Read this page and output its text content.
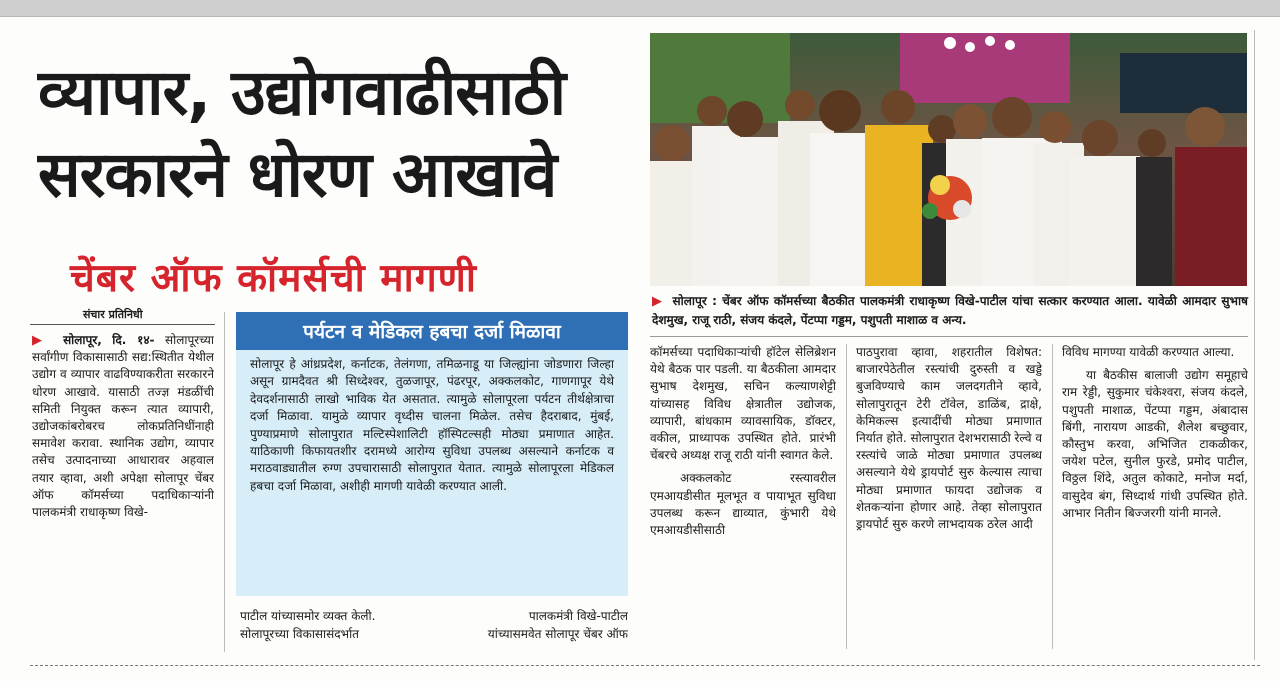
व्यापार, उद्योगवाढीसाठी
सरकारने धोरण आखावे
चेंबर ऑफ कॉमर्सची मागणी
संचार प्रतिनिधी

▶ सोलापूर, दि. १४- सोलापूरच्या सर्वांगीण विकासासाठी सद्य:स्थितीत येथील उद्योग व व्यापार वाढविण्याकरीता सरकारने धोरण आखावे. यासाठी तज्ज्ञ मंडळींची समिती नियुक्त करून त्यात व्यापारी, उद्योजकांबरोबरच लोकप्रतिनिधींनाही समावेश करावा. स्थानिक उद्योग, व्यापार तसेच उत्पादनाच्या आधारावर अहवाल तयार व्हावा, अशी अपेक्षा सोलापूर चेंबर ऑफ कॉमर्सच्या पदाधिकाऱ्यांनी पालकमंत्री राधाकृष्ण विखे-

पर्यटन व मेडिकल हबचा दर्जा मिळावा
सोलापूर हे आंध्रप्रदेश, कर्नाटक, तेलंगणा, तमिळनाडू या जिल्ह्यांना जोडणारा जिल्हा असून ग्रामदैवत श्री सिध्देश्वर, तुळजापूर, पंढरपूर, अक्कलकोट, गाणगापूर येथे देवदर्शनासाठी लाखो भाविक येत असतात. त्यामुळे सोलापूरला पर्यटन तीर्थक्षेत्राचा दर्जा मिळावा. यामुळे व्यापार वृध्दीस चालना मिळेल. तसेच हैदराबाद, मुंबई, पुण्याप्रमाणे सोलापुरात मल्टिस्पेशालिटी हॉस्पिटल्सही मोठ्या प्रमाणात आहेत. याठिकाणी किफायतशीर दरामध्ये आरोग्य सुविधा उपलब्ध असल्याने कर्नाटक व मराठवाड्यातील रुग्ण उपचारासाठी सोलापुरात येतात. त्यामुळे सोलापूरला मेडिकल हबचा दर्जा मिळावा, अशीही मागणी यावेळी करण्यात आली.
पाटील यांच्यासमोर व्यक्त केली.	पालकमंत्री विखे-पाटील
सोलापूरच्या विकासासंदर्भात	यांच्यासमवेत सोलापूर चेंबर ऑफ
▶ सोलापूर : चेंबर ऑफ कॉमर्सच्या बैठकीत पालकमंत्री राधाकृष्ण विखे-पाटील यांचा सत्कार करण्यात आला. यावेळी आमदार सुभाष देशमुख, राजू राठी, संजय कंदले, पेंटप्पा गड्डम, पशुपती माशाळ व अन्य.

कॉमर्सच्या पदाधिकाऱ्यांची हॉटेल सेलिब्रेशन येथे बैठक पार पडली. या बैठकीला आमदार सुभाष देशमुख, सचिन कल्याणशेट्टी यांच्यासह विविध क्षेत्रातील उद्योजक, व्यापारी, बांधकाम व्यावसायिक, डॉक्टर, वकील, प्राध्यापक उपस्थित होते. प्रारंभी चेंबरचे अध्यक्ष राजू राठी यांनी स्वागत केले.

अक्कलकोट रस्त्यावरील एमआयडीसीत मूलभूत व पायाभूत सुविधा उपलब्ध करून द्याव्यात, कुंभारी येथे एमआयडीसीसाठी

पाठपुरावा व्हावा, शहरातील विशेषत: बाजारपेठेतील रस्त्यांची दुरुस्ती व खड्डे बुजविण्याचे काम जलदगतीने व्हावे, सोलापुरातून टेरी टॉवेल, डाळिंब, द्राक्षे, केमिकल्स इत्यादींची मोठ्या प्रमाणात निर्यात होते. सोलापुरात देशभरासाठी रेल्वे व रस्त्यांचे जाळे मोठ्या प्रमाणात उपलब्ध असल्याने येथे ड्रायपोर्ट सुरु केल्यास त्याचा मोठ्या प्रमाणात फायदा उद्योजक व शेतकऱ्यांना होणार आहे. तेव्हा सोलापुरात ड्रायपोर्ट सुरु करणे लाभदायक ठरेल आदी

विविध मागण्या यावेळी करण्यात आल्या.

या बैठकीस बालाजी उद्योग समूहाचे राम रेड्डी, सुकुमार चंकेश्वरा, संजय कंदले, पशुपती माशाळ, पेंटप्पा गड्डम, अंबादास बिंगी, नारायण आडकी, शैलेश बच्छुवार, कौस्तुभ करवा, अभिजित टाकळीकर, जयेश पटेल, सुनील फुरडे, प्रमोद पाटील, विठ्ठल शिंदे, अतुल कोकाटे, मनोज मर्दा, वासुदेव बंग, सिध्दार्थ गांधी उपस्थित होते. आभार नितीन बिज्जरगी यांनी मानले.
